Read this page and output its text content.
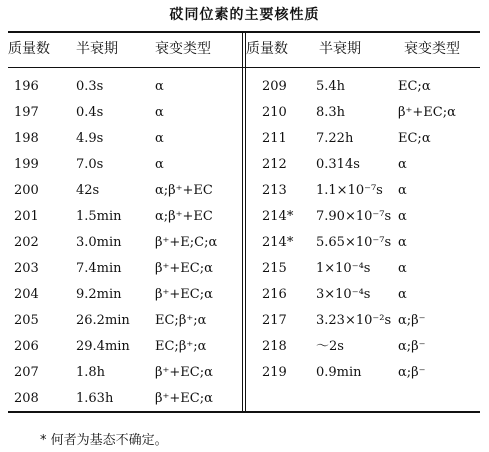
砹同位素的主要核性质
质量数 半衰期	衰变类型
196	0.3s	α
197	0.4s	α
198	4.9s	α
199	7.0s	α
200	42s	α;β⁺+EC
201	1.5min	α;β⁺+EC
202	3.0min	β⁺+E;C;α
203	7.4min	β⁺+EC;α
204	9.2min	β⁺+EC;α
205	26.2min EC;β⁺;α
206	29.4min EC;β⁺;α
207	1.8h	β⁺+EC;α
208	1.63h	β⁺+EC;α
质量数 半衰期	衰变类型
209 5.4h	EC;α
210 8.3h	β⁺+EC;α
211 7.22h	EC;α
212 0.314s	α
213 1.1×10⁻⁷s α
214* 7.90×10⁻⁷s α
214* 5.65×10⁻⁷s α
215 1×10⁻⁴s α
216 3×10⁻⁴s α
217 3.23×10⁻²s α;β⁻
218 ～2s	α;β⁻
219 0.9min	α;β⁻
* 何者为基态不确定。
